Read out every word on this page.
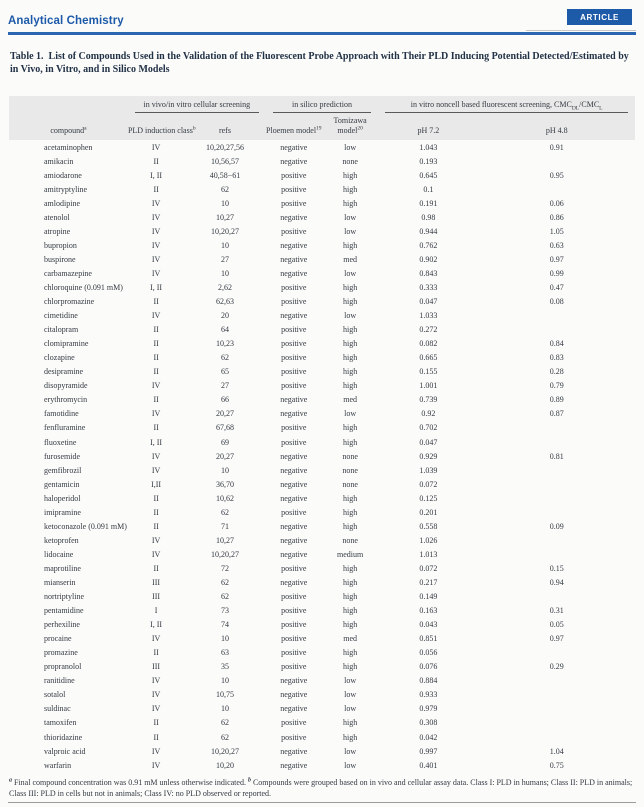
Analytical Chemistry	ARTICLE
Table 1. List of Compounds Used in the Validation of the Fluorescent Probe Approach with Their PLD Inducing Potential Detected/Estimated by in Vivo, in Vitro, and in Silico Models

	in vivo/in vitro cellular screening		in silico prediction		in vitro noncell based fluorescent screening, $CMC_{DL}/CMC_L$

compound$^a$	PLD induction class$^b$	refs	Ploemen model$^{19}$	Tomizawa model$^{20}$	pH 7.2	pH 4.8
acetaminophen	IV	10,20,27,56	negative	low	1.043	0.91
amikacin	II	10,56,57	negative	none	0.193	
amiodarone	I, II	40,58−61	positive	high	0.645	0.95
amitryptyline	II	62	positive	high	0.1	
amlodipine	IV	10	positive	high	0.191	0.06
atenolol	IV	10,27	negative	low	0.98	0.86
atropine	IV	10,20,27	positive	low	0.944	1.05
bupropion	IV	10	negative	high	0.762	0.63
buspirone	IV	27	negative	med	0.902	0.97
carbamazepine	IV	10	negative	low	0.843	0.99
chloroquine (0.091 mM)	I, II	2,62	positive	high	0.333	0.47
chlorpromazine	II	62,63	positive	high	0.047	0.08
cimetidine	IV	20	negative	low	1.033	
citalopram	II	64	positive	high	0.272	
clomipramine	II	10,23	positive	high	0.082	0.84
clozapine	II	62	positive	high	0.665	0.83
desipramine	II	65	positive	high	0.155	0.28
disopyramide	IV	27	positive	high	1.001	0.79
erythromycin	II	66	negative	med	0.739	0.89
famotidine	IV	20,27	negative	low	0.92	0.87
fenfluramine	II	67,68	positive	high	0.702	
fluoxetine	I, II	69	positive	high	0.047	
furosemide	IV	20,27	negative	none	0.929	0.81
gemfibrozil	IV	10	negative	none	1.039	
gentamicin	I,II	36,70	negative	none	0.072	
haloperidol	II	10,62	negative	high	0.125	
imipramine	II	62	positive	high	0.201	
ketoconazole (0.091 mM)	II	71	negative	high	0.558	0.09
ketoprofen	IV	10,27	negative	none	1.026	
lidocaine	IV	10,20,27	negative	medium	1.013	
maprotiline	II	72	positive	high	0.072	0.15
mianserin	III	62	negative	high	0.217	0.94
nortriptyline	III	62	positive	high	0.149	
pentamidine	I	73	positive	high	0.163	0.31
perhexiline	I, II	74	positive	high	0.043	0.05
procaine	IV	10	positive	med	0.851	0.97
promazine	II	63	positive	high	0.056	
propranolol	III	35	positive	high	0.076	0.29
ranitidine	IV	10	negative	low	0.884	
sotalol	IV	10,75	negative	low	0.933	
suldinac	IV	10	negative	low	0.979	
tamoxifen	II	62	positive	high	0.308	
thioridazine	II	62	positive	high	0.042	
valproic acid	IV	10,20,27	negative	low	0.997	1.04
warfarin	IV	10,20	negative	low	0.401	0.75
$^a$ Final compound concentration was 0.91 mM unless otherwise indicated. $^b$ Compounds were grouped based on in vivo and cellular assay data. Class I: PLD in humans; Class II: PLD in animals; Class III: PLD in cells but not in animals; Class IV: no PLD observed or reported.
